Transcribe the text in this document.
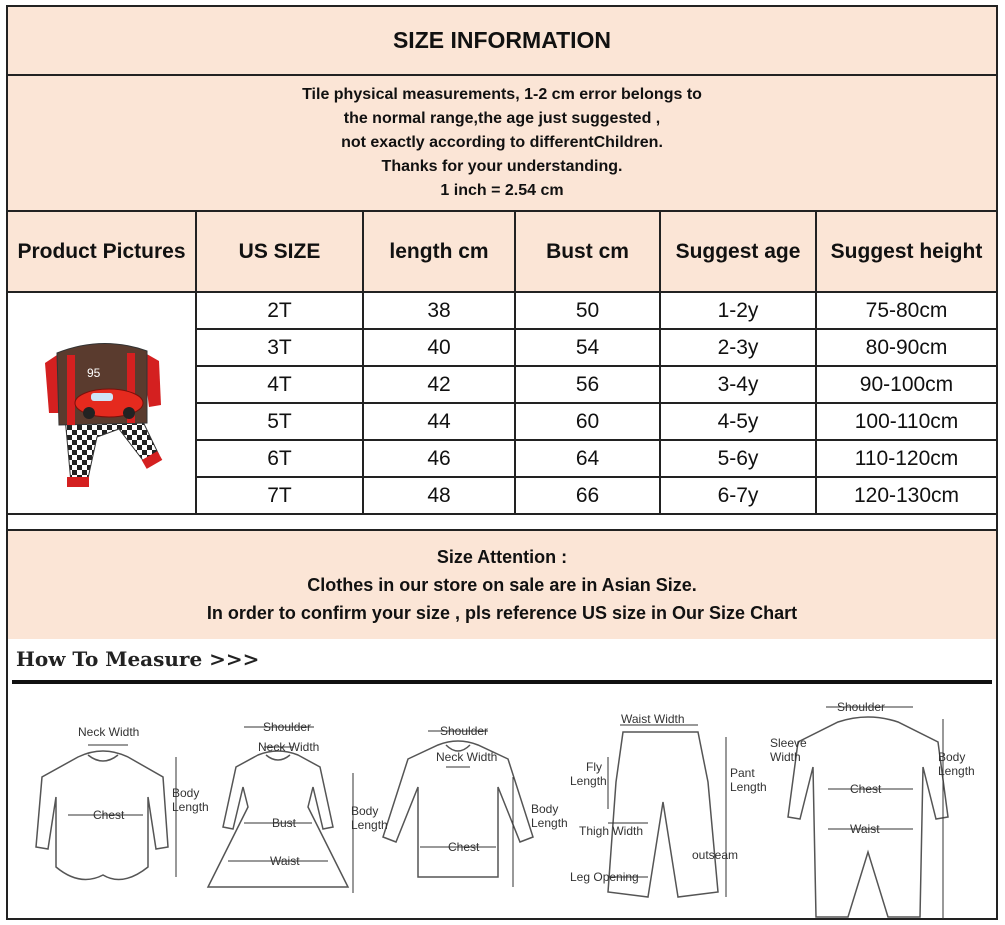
SIZE INFORMATION
Tile physical measurements, 1-2 cm error belongs to
the normal range,the age just suggested ,
not exactly according to differentChildren.
Thanks for your understanding.
1 inch = 2.54 cm
Product Pictures	US SIZE	length cm	Bust cm	Suggest age	Suggest height

95	2T	38	50	1-2y	75-80cm
	3T	40	54	2-3y	80-90cm
	4T	42	56	3-4y	90-100cm
	5T	44	60	4-5y	100-110cm
	6T	46	64	5-6y	110-120cm
	7T	48	66	6-7y	120-130cm
Size Attention :
Clothes in our store on sale are in Asian Size.
In order to confirm your size , pls reference US size in Our Size Chart
How To Measure >>>
Neck Width
Chest
Body
Length
Shoulder
Neck Width
Bust
Waist
Body
Length
Shoulder
Neck Width
Chest
Body
Length
Waist Width
Fly
Length
Pant
Length
Thigh Width
outseam
Leg Opening
Shoulder
Sleeve
Width	Body
Length
Chest
Waist
